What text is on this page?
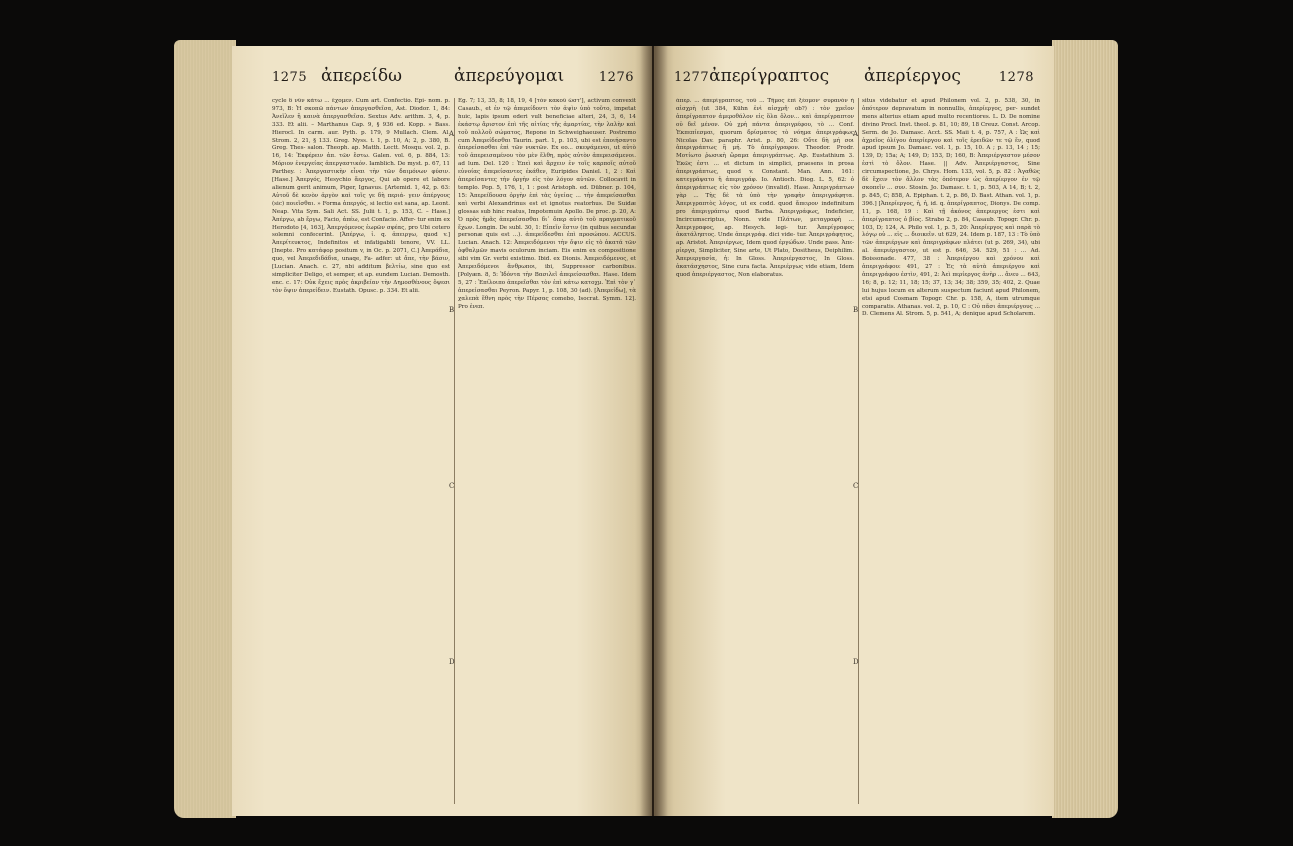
1275 ἀπερείδω	ἀπερεύγομαι	1276

cycle δ νῦν κάτω ... ἔχομεν. Cum art. Confectio. Epi- nom. p. 973, B: Ἡ σκοπῶ πάντων ἀπεργασθεῖσα, Ast. Diodor. 1, 84: Ἀνεῖλεν ἢ καινὰ ἀπεργασθεῖσα. Sextus Adv. arithm. 3, 4, p. 333. Et alii. – Marthanus Cap. 9, § 936 ed. Kopp. » Bass. Hierocl. In carm. aur. Pyth. p. 179, 9 Mullach. Clem. Al. Strom. 2, 21, § 133. Greg. Nyss. t. 1, p. 10, A; 2, p. 380, B. Greg. Thes- salon. Theoph. ap. Matth. Lectt. Mosqu. vol. 2, p. 16, 14: Ἐκφέρειν ἀπ. τῶν ἔστω. Galen. vol. 6, p. 884, 13: Μόριον ἐνεργείας ἀπεργαστικόν. Iamblich. De myst. p. 67, 11 Parthey. : Ἀπεργαστικὴν εἶναι τὴν τῶν δαιμόνων φύσιν. [Hase.] Ἀπεργός, Hesychio ἄεργος, Qui ab opere et labore alienum gerit animum, Piger, Ignavus. [Artemid. 1, 42, p. 63: Αὐτοῦ δὲ κενὸν ἀργὸν καὶ τοῖς γε δὴ περιά- γειν ἀπέργους (sic) ποιεῖσθαι. » Forma ἀπεργός, si lectio est sana, ap. Leont. Neap. Vita Sym. Sali Act. SS. Julii t. 1, p. 153, C. – Hase.] Ἀπέργω, ab ἔργω, Facio, ἀπέω, est Confacio. Affer- tur enim ex Herodoto [4, 163], Ἀπεργόμενος ἑωρῶν σφέας, pro Ubi cetero solemni confecerint. [Ἀπέργω, ἰ. q. ἀπειργω, quod v.] Ἀπερίτευκτος, Indefinitos et infatigabili tenore, VV. LL. [Inepte. Pro κατάφορ positum v, in Oc. p. 2071, C.] Ἀπεράδια, quo, vel Ἀπερεδιδάδια, unaqe, Fa- adfer: ut ἄπε, τὴν βάσιν, [Lucian. Anach. c. 27, nbi additum βελτίω, sine quo est simpliciter Deligo, et semper, et ap. eundem Lucian. Demosth. enc. c. 17: Οὐκ ἔχεις πρὸς ἀκριβείαν τὴν Δημοσθένους ὄψεσι τὸν ὄψιν ἀπερείδειν. Eustath. Opusc. p. 334. Et alii.

Eg. 7; 13, 35, 8; 18, 19, 4 [τὸν κακοῦ ὥστ'], activum convexit Casaub., et ἐν τῷ ἀπερείδοντι τὸν ἀψὶν ὑπὸ τοῦτο, impetat huic, lapis ipsum ederi vult beneficiae alteri, 24, 3, 6, 14 ἐκάστῳ ἄριστον ἐπὶ τῆς αἰτίας τῆς ἀμαρτίας, τὴν λαλὴν καὶ τοῦ πολλοῦ σώματος, Repone in Schweighaeuser. Postremo cum Ἀπερείδεσθαι Taurin. part. 1, p. 103, ubi est ἐποιήσαντο ἀπερείσασθαι ἐπὶ τῶν νυκτῶν. Ex eo... σκεψάμενοι, ut αὐτὸ τοῦ ἀπερεισαμένου τὸν μὲν ἔλθη, πρὸς αὐτὸν ἀπερεισάμενοι. ad lum. Del. 120 : Ἐπεὶ καὶ ἄρχειν ἐν τοῖς καρποῖς αὐτοῦ εὐνοίας ἀπερείσαντες ἐκάθεν, Euripides Daniel. 1, 2 : Καὶ ἀπερείσαντες τὴν ὀργὴν εἰς τὸν λόγον αὐτῶν. Collocavit in templo. Pop. 5, 176, 1, 1 : post Aristoph. ed. Dübner. p. 104, 15: Ἀπερείδουσα ὀργὴν ἐπὶ τὰς ὑγείας ... τὴν ἀπερείσασθαι καὶ verbi Alexandrinus est et ignotus reatorhus. De Suidæ glossas sub hinc reatus, Impotemuin Apollo. De proc. p. 20, A: Ὁ πρὸς ἡμᾶς ἀπερείσασθαι δι᾽ ὅπερ αὐτὸ τοῦ πραγματικοῦ ἔχων. Longin. De subl. 30, 1: Εἰπεῖν ἔστιν (in quibus secundæ personæ quis est ...). ἀπερείδεσθαι ἐπὶ προσώπου. ACCUS. Lucian. Anach. 12: Ἀπερειδόμενοι τὴν ὄψιν εἰς τὸ ἀκατά τῶν ὀφθαλμῶν mavis oculorum inciam. Eis enim ex compositione sibi vim Gr. verbi existimo. Ibid. ex Dionis. Ἀπερειδόμενος, et Ἀπερειδόμενοι ἄνθρωποι, ibi, Suppressor carbonibus. [Polyæn. 8, 5: Ἰδόντα τὴν Βασιλεῖ ἀπερείσασθαι. Hase. Idem 5, 27 : Ἐπίλοιπο ἀπερεῖσθαι τὸν ἐπὶ κάτω κατοχμ. Ἐπὶ τὸν γ᾽ ἀπερείσασθαι Peyron. Papyr. 1, p. 108, 30 (ad). [Ἀπερείδω], τὰ χαλεπὰ ἔθνη πρὸς τὴν Πέρσας comebo, Isocrat. Symm. 12]. Pro ἐνεπ.

A
B
C
D
1277 ἀπερίγραπτος ἀπερίεργος	1278

ἀπερ. ... ἀπερίγραπτος, τοῦ ... Τῆμος ἐπὶ ξέομον· συρανὸν ἡ αἰσχρὴ (ut 384, Kühn ἐνὶ αἰσχρῆ· ob?) : τὸν χρεῖον ἀπερίγραπτον ἀμεροθάλον εἰς ὅλα ὅλον... καὶ ἀπερίγραπτον οὐ δεῖ μένον. Οὐ χρὴ πάντα ἀπεριγρέφου, τὸ ... Conf. Ἐκπεπίεσμαι, quorum δρίσματος τὸ νόημα ἀπεριγράφως Νicolas Dav. paraphr. Arist. p. 80, 26: Οὔτε δὴ μή σοι ἀπεριγράπτως ἢ μή. Τὸ ἀπερίγραφον. Theodor. Prodr. Μοτίωτο ῥωσικὴ ὥραμα ἀπεριγράπτως. Ap. Eustathium 3. Ἐκῶς ἐστι ... et dictum in simplici, praesens in prosa ἀπεριγράπτως, quod v. Constant. Man. Ann. 161: κατεγράψατο ἡ ἀπεριγράφ. Io. Antioch. Diog. L. 5, 62: ὁ ἀπεριγράπτως εἰς τὸν χρόνον (invalid). Hase. Ἀπεριγράπτων γὰρ ... Τὴς δὲ τὰ ὑπὸ τὴν γραφὴν ἀπεριγράφητα. Ἀπεριγραπτὸς λόγος, ut ex codd. quod ἄπειρον indefinitum pro ἀπεριγράπτῳ quod Barba. Ἀπεριγράφως, Indeficier, Incircumscriptus, Νonn. vide Πλάτων, μεταγραφὴ ... Ἀπεριγραφος, ap. Hesych. legi- tur. Ἀπερίγραφος ἀκατάληπτος. Unde ἀπεριγράφ. dici vide- tur. Ἀπεριγράφητος, ap. Aristot. Ἀπεριέργως, Idem quod ἐργώδων. Unde pass. Ἀπε- ρίεργα, Simpliciter, Sine arte, Ut Plato, Dositheus, Deiphilim. Ἀπεριεργασία, ἡ: In Gloss. Ἀπεριέργαστος, In Gloss. ἀκατάσχηστος, Sine cura facta. Ἀπεριέργως vide etiam, Idem quod ἀπεριέργαστος, Non elaboratus.

situs videbatur et apud Philonem vol. 2, p. 538, 30, in ὁπότερον depravatum in nonnullis, ἀπερίεργος, per- sundet mens alterius etiam apud multo recentiores. L. D. De nomine divino Procl. Inst. theol. p. 81, 10; 89, 18 Creuz. Const. Arcop. Serm. de Jo. Damasc. Acct. SS. Maii t. 4, p. 757, A : Ὡς καὶ ἀχρεῖος ὀλίγου ἀπερίεργου καὶ τοῖς ἐρειδῶν τε τῷ ἔν, quod apud ipsum Jo. Damasc. vol. 1, p. 15, 10. A ; p. 13, 14 ; 15; 139, D; 15a; A; 149, D; 153, D; 160, B: Ἀπεριέργαστον μέσον ἐστὶ τὸ ὅλον. Hase. || Adv. Ἀπεριέργαστος, Sine circumspectione, Jo. Chrys. Hom. 133, vol. 5, p. 82 : Ἀγαθῶς δὲ ἔχειν τὸν ἄλλον τὰς ὁπότερον ὡς ἀπερίεργον ἐν τῷ σκοπεῖν ... συν. Stosin. Jo. Damasc. t. 1, p. 503, A 14, B; t. 2, p. 845, C; 858, A. Epiphan. t. 2, p. 86, D. Bast. Athan. vol. 1, p. 396.] [Ἀπερίεργος, ἡ, ἡ, id. q. ἀπερίγραπτος, Dionys. De comp. 11, p. 168, 19 : Καὶ τῇ ἀκόνος ἀπεριεργος ἐστι καὶ ἀπερίγραπτος ὁ βίος. Strabo 2, p. 84, Casaub. Topogr. Chr. p. 103, D; 124, A. Philo vol. 1, p. 5, 20: Ἀπερίεργος καὶ παρὰ τὸ λόγῳ οὐ ... εἰς ... διοικεῖν. ut 629, 24. Idem p. 187, 13 : Τὸ ὑπὸ τῶν ἀπεριέργων καὶ ἀπεριγράφων πλάτει (ut p. 269, 34), ubi al. ἀπεριέργαστον, ut est p. 646, 34. 529, 51 : ... Ad. Boissonade. 477, 38 : Ἀπεριέργου καὶ χρόνου καὶ ἀπεριγράφου: 491, 27 : Ἐς τὰ αὐτὰ ἀπεριέργου καὶ ἀπεριγράφου ἐστὶν, 491, 2: Ἀεὶ περίεργος ἀνὴρ ... ἄνευ ... 643, 16; 8, p. 12; 11, 18; 15; 37, 13; 34; 38; 359, 35; 402, 2. Quae lui hujus locum ex alterum suspectum faciunt apud Philonem, etsi apud Cosmam Topogr. Chr. p. 158, A, item utrumque comparatis. Athanas. vol. 2, p. 10, C : Οὐ πᾶσι ἀπεριέργους ... D. Clemens Al. Strom. 5, p. 541, A; denique apud Scholarem.

A
B
C
D
